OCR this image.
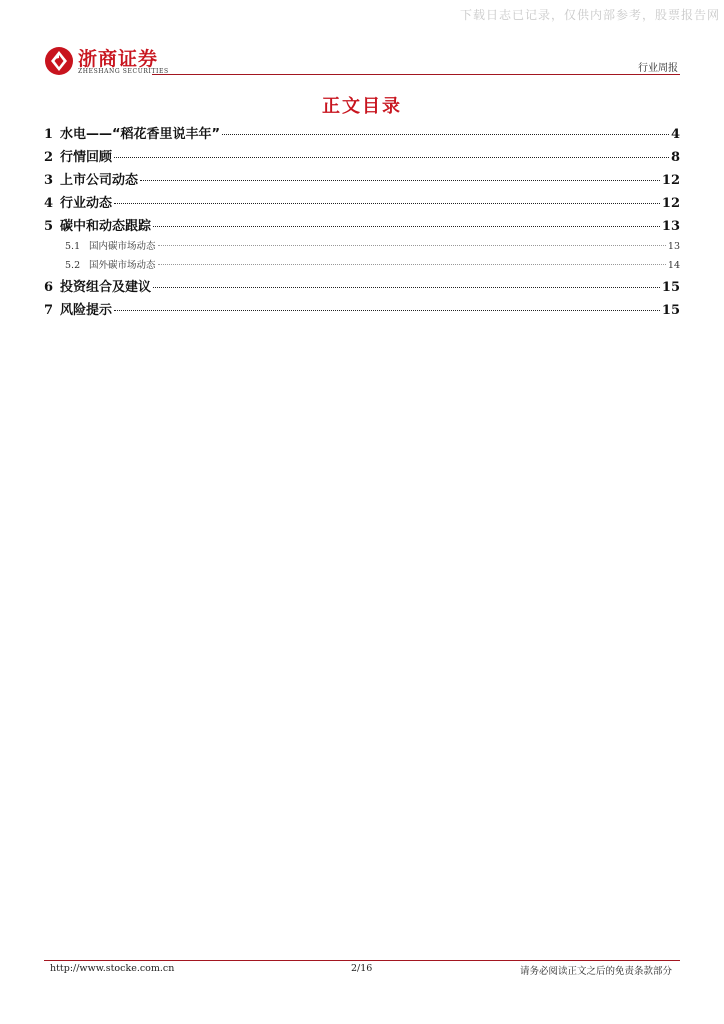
下载日志已记录，仅供内部参考，股票报告网
浙商证券
ZHESHANG SECURITIES	行业周报
正文目录
1 水电——“稻花香里说丰年”	4
2 行情回顾	8
3 上市公司动态	12
4 行业动态	12
5 碳中和动态跟踪	13
5.1 国内碳市场动态	13
5.2 国外碳市场动态	14
6 投资组合及建议	15
7 风险提示	15
http://www.stocke.com.cn	2/16	请务必阅读正文之后的免责条款部分
